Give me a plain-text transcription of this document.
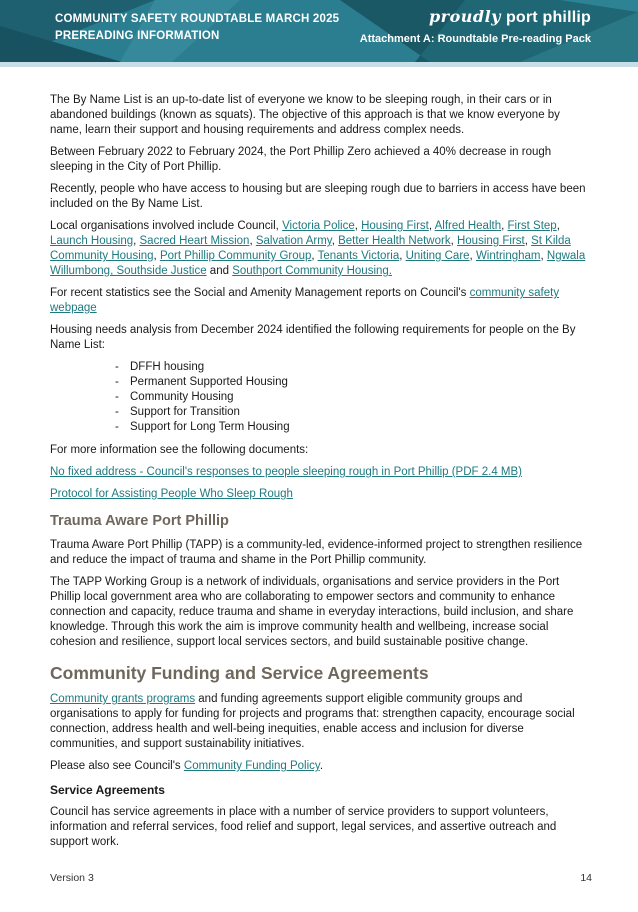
COMMUNITY SAFETY ROUNDTABLE MARCH 2025
PREREADING INFORMATION
proudly port phillip
Attachment A: Roundtable Pre-reading Pack

The By Name List is an up-to-date list of everyone we know to be sleeping rough, in their cars or in abandoned buildings (known as squats). The objective of this approach is that we know everyone by name, learn their support and housing requirements and address complex needs.

Between February 2022 to February 2024, the Port Phillip Zero achieved a 40% decrease in rough sleeping in the City of Port Phillip.

Recently, people who have access to housing but are sleeping rough due to barriers in access have been included on the By Name List.

Local organisations involved include Council, Victoria Police, Housing First, Alfred Health, First Step, Launch Housing, Sacred Heart Mission, Salvation Army, Better Health Network, Housing First, St Kilda Community Housing, Port Phillip Community Group, Tenants Victoria, Uniting Care, Wintringham, Ngwala Willumbong, Southside Justice and Southport Community Housing.

For recent statistics see the Social and Amenity Management reports on Council's community safety webpage

Housing needs analysis from December 2024 identified the following requirements for people on the By Name List:

- DFFH housing
- Permanent Supported Housing
- Community Housing
- Support for Transition
- Support for Long Term Housing

For more information see the following documents:

No fixed address - Council's responses to people sleeping rough in Port Phillip (PDF 2.4 MB)

Protocol for Assisting People Who Sleep Rough

Trauma Aware Port Phillip

Trauma Aware Port Phillip (TAPP) is a community-led, evidence-informed project to strengthen resilience and reduce the impact of trauma and shame in the Port Phillip community.

The TAPP Working Group is a network of individuals, organisations and service providers in the Port Phillip local government area who are collaborating to empower sectors and community to enhance connection and capacity, reduce trauma and shame in everyday interactions, build inclusion, and share knowledge. Through this work the aim is improve community health and wellbeing, increase social cohesion and resilience, support local services sectors, and build sustainable positive change.

Community Funding and Service Agreements

Community grants programs and funding agreements support eligible community groups and organisations to apply for funding for projects and programs that: strengthen capacity, encourage social connection, address health and well-being inequities, enable access and inclusion for diverse communities, and support sustainability initiatives.

Please also see Council's Community Funding Policy.

Service Agreements

Council has service agreements in place with a number of service providers to support volunteers, information and referral services, food relief and support, legal services, and assertive outreach and support work.

Version 3	14
